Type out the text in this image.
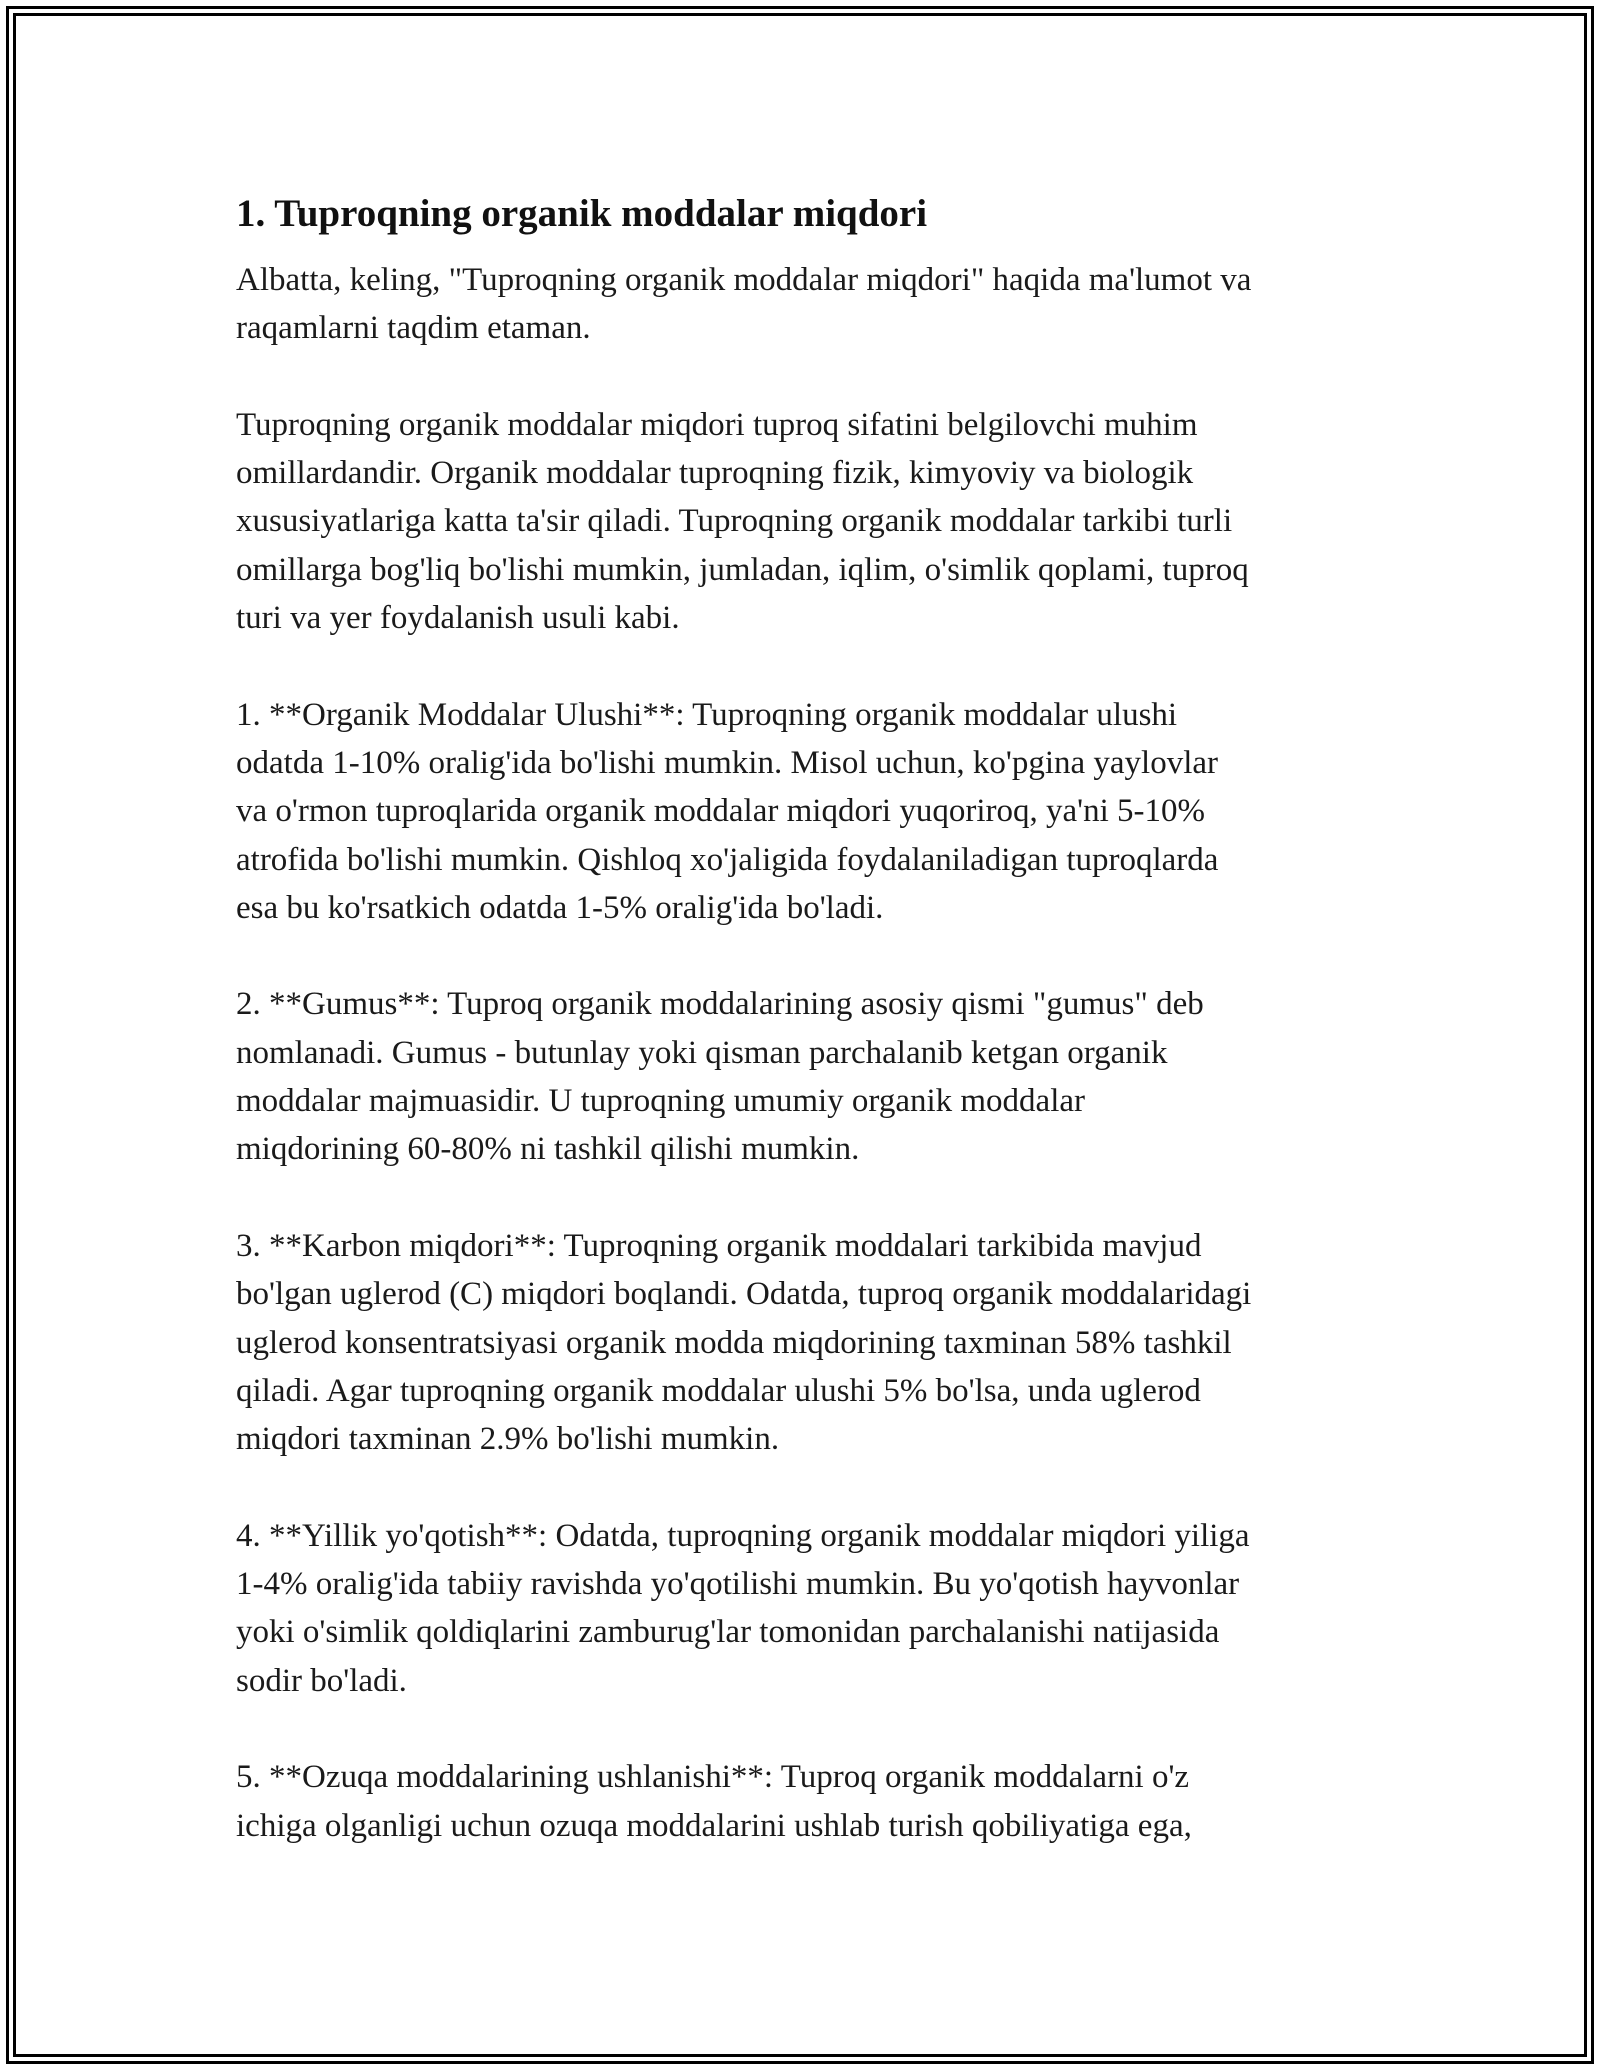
1. Tuproqning organik moddalar miqdori

Albatta, keling, "Tuproqning organik moddalar miqdori" haqida ma'lumot va
raqamlarni taqdim etaman.

Tuproqning organik moddalar miqdori tuproq sifatini belgilovchi muhim
omillardandir. Organik moddalar tuproqning fizik, kimyoviy va biologik
xususiyatlariga katta ta'sir qiladi. Tuproqning organik moddalar tarkibi turli
omillarga bog'liq bo'lishi mumkin, jumladan, iqlim, o'simlik qoplami, tuproq
turi va yer foydalanish usuli kabi.

1. **Organik Moddalar Ulushi**: Tuproqning organik moddalar ulushi
odatda 1-10% oralig'ida bo'lishi mumkin. Misol uchun, ko'pgina yaylovlar
va o'rmon tuproqlarida organik moddalar miqdori yuqoriroq, ya'ni 5-10%
atrofida bo'lishi mumkin. Qishloq xo'jaligida foydalaniladigan tuproqlarda
esa bu ko'rsatkich odatda 1-5% oralig'ida bo'ladi.

2. **Gumus**: Tuproq organik moddalarining asosiy qismi "gumus" deb
nomlanadi. Gumus - butunlay yoki qisman parchalanib ketgan organik
moddalar majmuasidir. U tuproqning umumiy organik moddalar
miqdorining 60-80% ni tashkil qilishi mumkin.

3. **Karbon miqdori**: Tuproqning organik moddalari tarkibida mavjud
bo'lgan uglerod (C) miqdori boqlandi. Odatda, tuproq organik moddalaridagi
uglerod konsentratsiyasi organik modda miqdorining taxminan 58% tashkil
qiladi. Agar tuproqning organik moddalar ulushi 5% bo'lsa, unda uglerod
miqdori taxminan 2.9% bo'lishi mumkin.

4. **Yillik yo'qotish**: Odatda, tuproqning organik moddalar miqdori yiliga
1-4% oralig'ida tabiiy ravishda yo'qotilishi mumkin. Bu yo'qotish hayvonlar
yoki o'simlik qoldiqlarini zamburug'lar tomonidan parchalanishi natijasida
sodir bo'ladi.

5. **Ozuqa moddalarining ushlanishi**: Tuproq organik moddalarni o'z
ichiga olganligi uchun ozuqa moddalarini ushlab turish qobiliyatiga ega,
